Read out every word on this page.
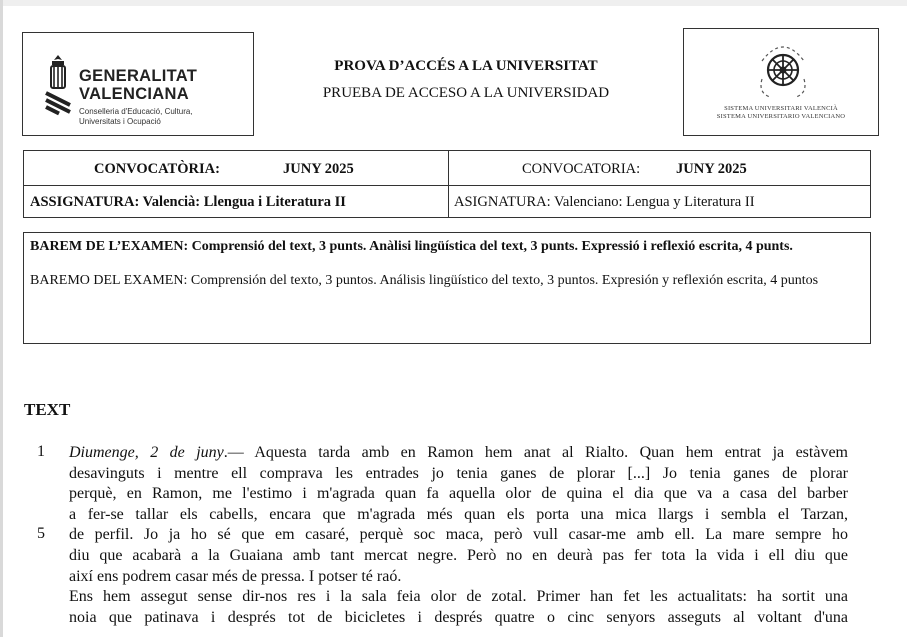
GENERALITAT
VALENCIANA
Conselleria d'Educació, Cultura,
Universitats i Ocupació
PROVA D’ACCÉS A LA UNIVERSITAT
PRUEBA DE ACCESO A LA UNIVERSIDAD
SISTEMA UNIVERSITARI VALENCIÀ
SISTEMA UNIVERSITARIO VALENCIANO
CONVOCATÒRIA:	JUNY 2025	CONVOCATORIA: JUNY 2025
ASSIGNATURA: Valencià: Llengua i Literatura II	ASIGNATURA: Valenciano: Lengua y Literatura II

BAREM DE L’EXAMEN: Comprensió del text, 3 punts. Anàlisi lingüística del text, 3 punts. Expressió i reflexió escrita, 4 punts.

BAREMO DEL EXAMEN: Comprensión del texto, 3 puntos. Análisis lingüístico del texto, 3 puntos. Expresión y reflexión escrita, 4 puntos

TEXT
1
5
Diumenge, 2 de juny.— Aquesta tarda amb en Ramon hem anat al Rialto. Quan hem entrat ja estàvem
desavinguts i mentre ell comprava les entrades jo tenia ganes de plorar [...] Jo tenia ganes de plorar
perquè, en Ramon, me l'estimo i m'agrada quan fa aquella olor de quina el dia que va a casa del barber
a fer-se tallar els cabells, encara que m'agrada més quan els porta una mica llargs i sembla el Tarzan,
de perfil. Jo ja ho sé que em casaré, perquè soc maca, però vull casar-me amb ell. La mare sempre ho
diu que acabarà a la Guaiana amb tant mercat negre. Però no en deurà pas fer tota la vida i ell diu que
així ens podrem casar més de pressa. I potser té raó.
Ens hem assegut sense dir-nos res i la sala feia olor de zotal. Primer han fet les actualitats: ha sortit una
noia que patinava i després tot de bicicletes i després quatre o cinc senyors asseguts al voltant d'una
